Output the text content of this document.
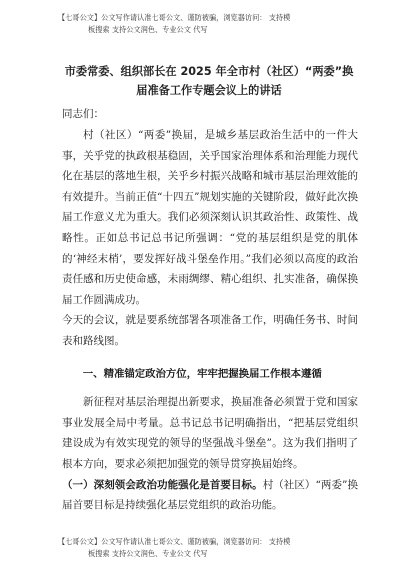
【七哥公文】公文写作请认准七哥公文、谨防被骗，浏览器访问： 支持模
板搜索 支持公文润色、专业公文 代写
市委常委、组织部长在 2025 年全市村（社区）“两委”换届准备工作专题会议上的讲话
同志们：

村（社区）“两委”换届，是城乡基层政治生活中的一件大事，关乎党的执政根基稳固，关乎国家治理体系和治理能力现代化在基层的落地生根，关乎乡村振兴战略和城市基层治理效能的有效提升。当前正值“十四五”规划实施的关键阶段，做好此次换届工作意义尤为重大。我们必须深刻认识其政治性、政策性、战略性。正如总书记总书记所强调：“党的基层组织是党的肌体的‘神经末梢’，要发挥好战斗堡垒作用。”我们必须以高度的政治责任感和历史使命感，未雨绸缪、精心组织、扎实准备，确保换届工作圆满成功。

今天的会议，就是要系统部署各项准备工作，明确任务书、时间表和路线图。

一、精准锚定政治方位，牢牢把握换届工作根本遵循

新征程对基层治理提出新要求，换届准备必须置于党和国家事业发展全局中考量。总书记总书记明确指出，“把基层党组织建设成为有效实现党的领导的坚强战斗堡垒”。这为我们指明了根本方向，要求必须把加强党的领导贯穿换届始终。

（一）深刻领会政治功能强化是首要目标。村（社区）“两委”换届首要目标是持续强化基层党组织的政治功能。

【七哥公文】公文写作请认准七哥公文、谨防被骗，浏览器访问： 支持模
板搜索 支持公文润色、专业公文 代写
